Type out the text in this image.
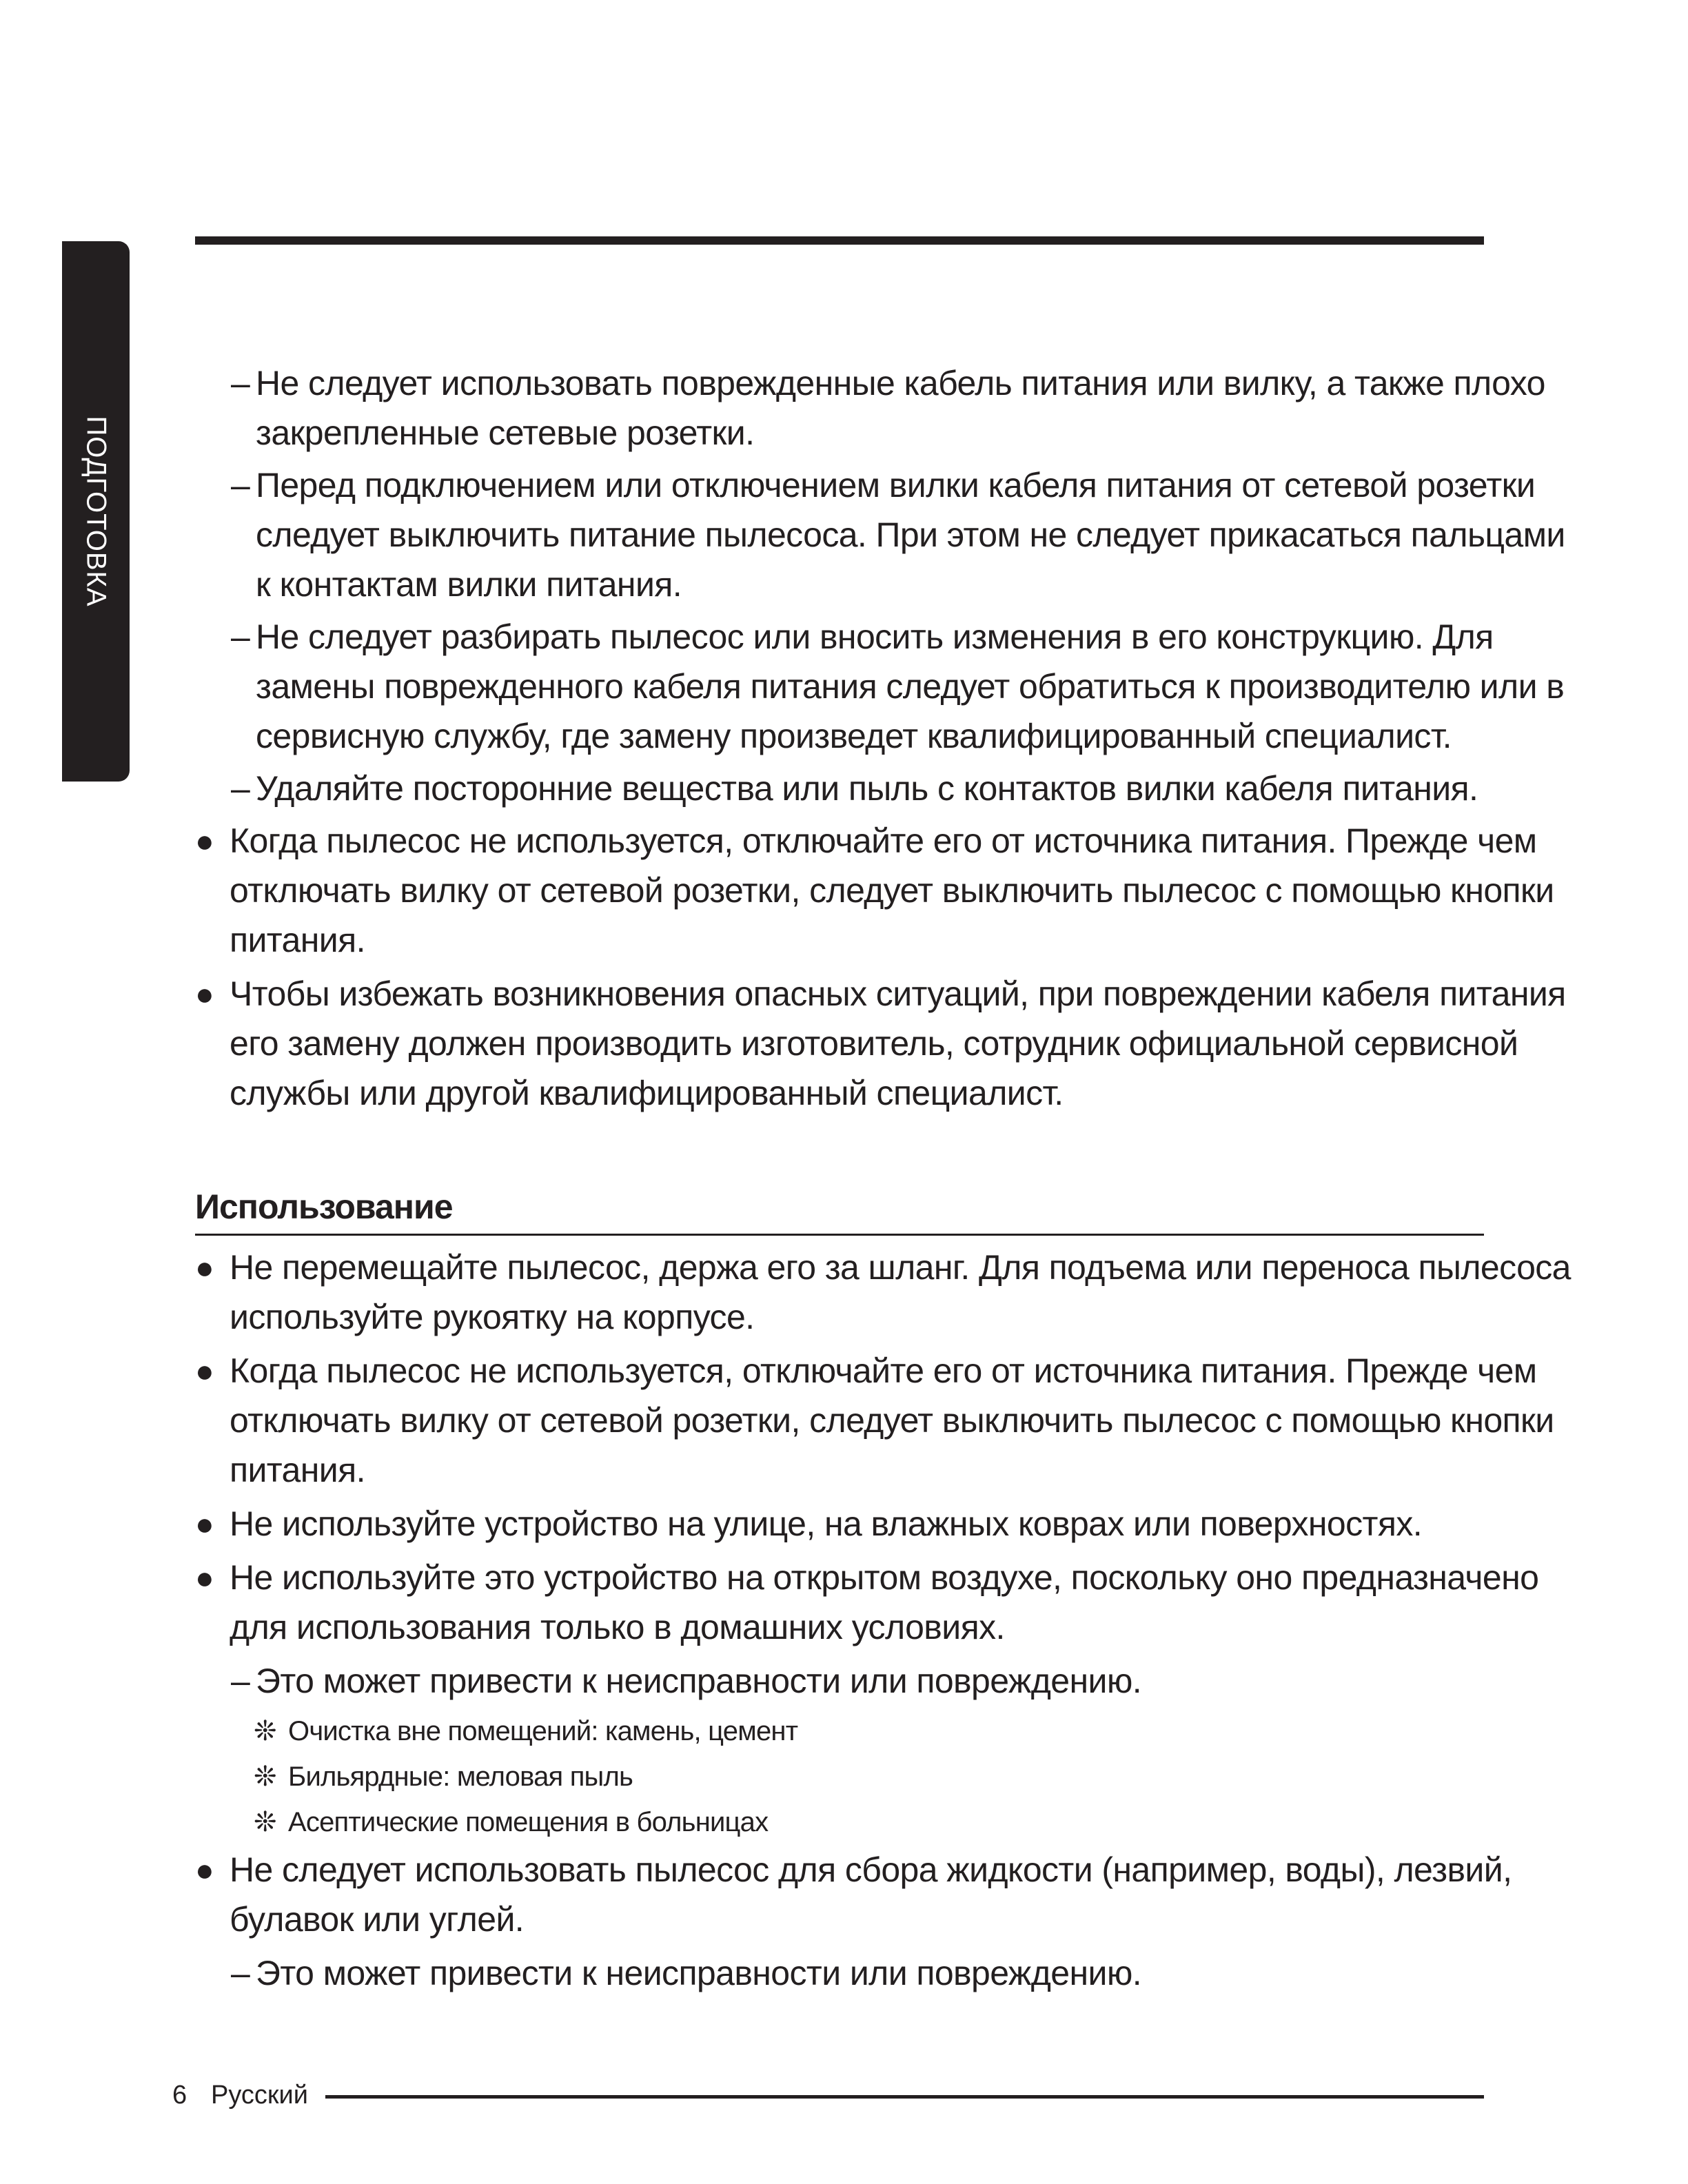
ПОДГОТОВКА
– Не следует использовать поврежденные кабель питания или вилку, а также плохо
закрепленные сетевые розетки.
– Перед подключением или отключением вилки кабеля питания от сетевой розетки
следует выключить питание пылесоса. При этом не следует прикасаться пальцами
к контактам вилки питания.
– Не следует разбирать пылесос или вносить изменения в его конструкцию. Для
замены поврежденного кабеля питания следует обратиться к производителю или в
сервисную службу, где замену произведет квалифицированный специалист.
– Удаляйте посторонние вещества или пыль с контактов вилки кабеля питания.
● Когда пылесос не используется, отключайте его от источника питания. Прежде чем
отключать вилку от сетевой розетки, следует выключить пылесос с помощью кнопки
питания.
● Чтобы избежать возникновения опасных ситуаций, при повреждении кабеля питания
его замену должен производить изготовитель, сотрудник официальной сервисной
службы или другой квалифицированный специалист.
Использование
● Не перемещайте пылесос, держа его за шланг. Для подъема или переноса пылесоса
используйте рукоятку на корпусе.
● Когда пылесос не используется, отключайте его от источника питания. Прежде чем
отключать вилку от сетевой розетки, следует выключить пылесос с помощью кнопки
питания.
● Не используйте устройство на улице, на влажных коврах или поверхностях.
● Не используйте это устройство на открытом воздухе, поскольку оно предназначено
для использования только в домашних условиях.
– Это может привести к неисправности или повреждению.
❊ Очистка вне помещений: камень, цемент
❊ Бильярдные: меловая пыль
❊ Асептические помещения в больницах
● Не следует использовать пылесос для сбора жидкости (например, воды), лезвий,
булавок или углей.
– Это может привести к неисправности или повреждению.
6 Русский
